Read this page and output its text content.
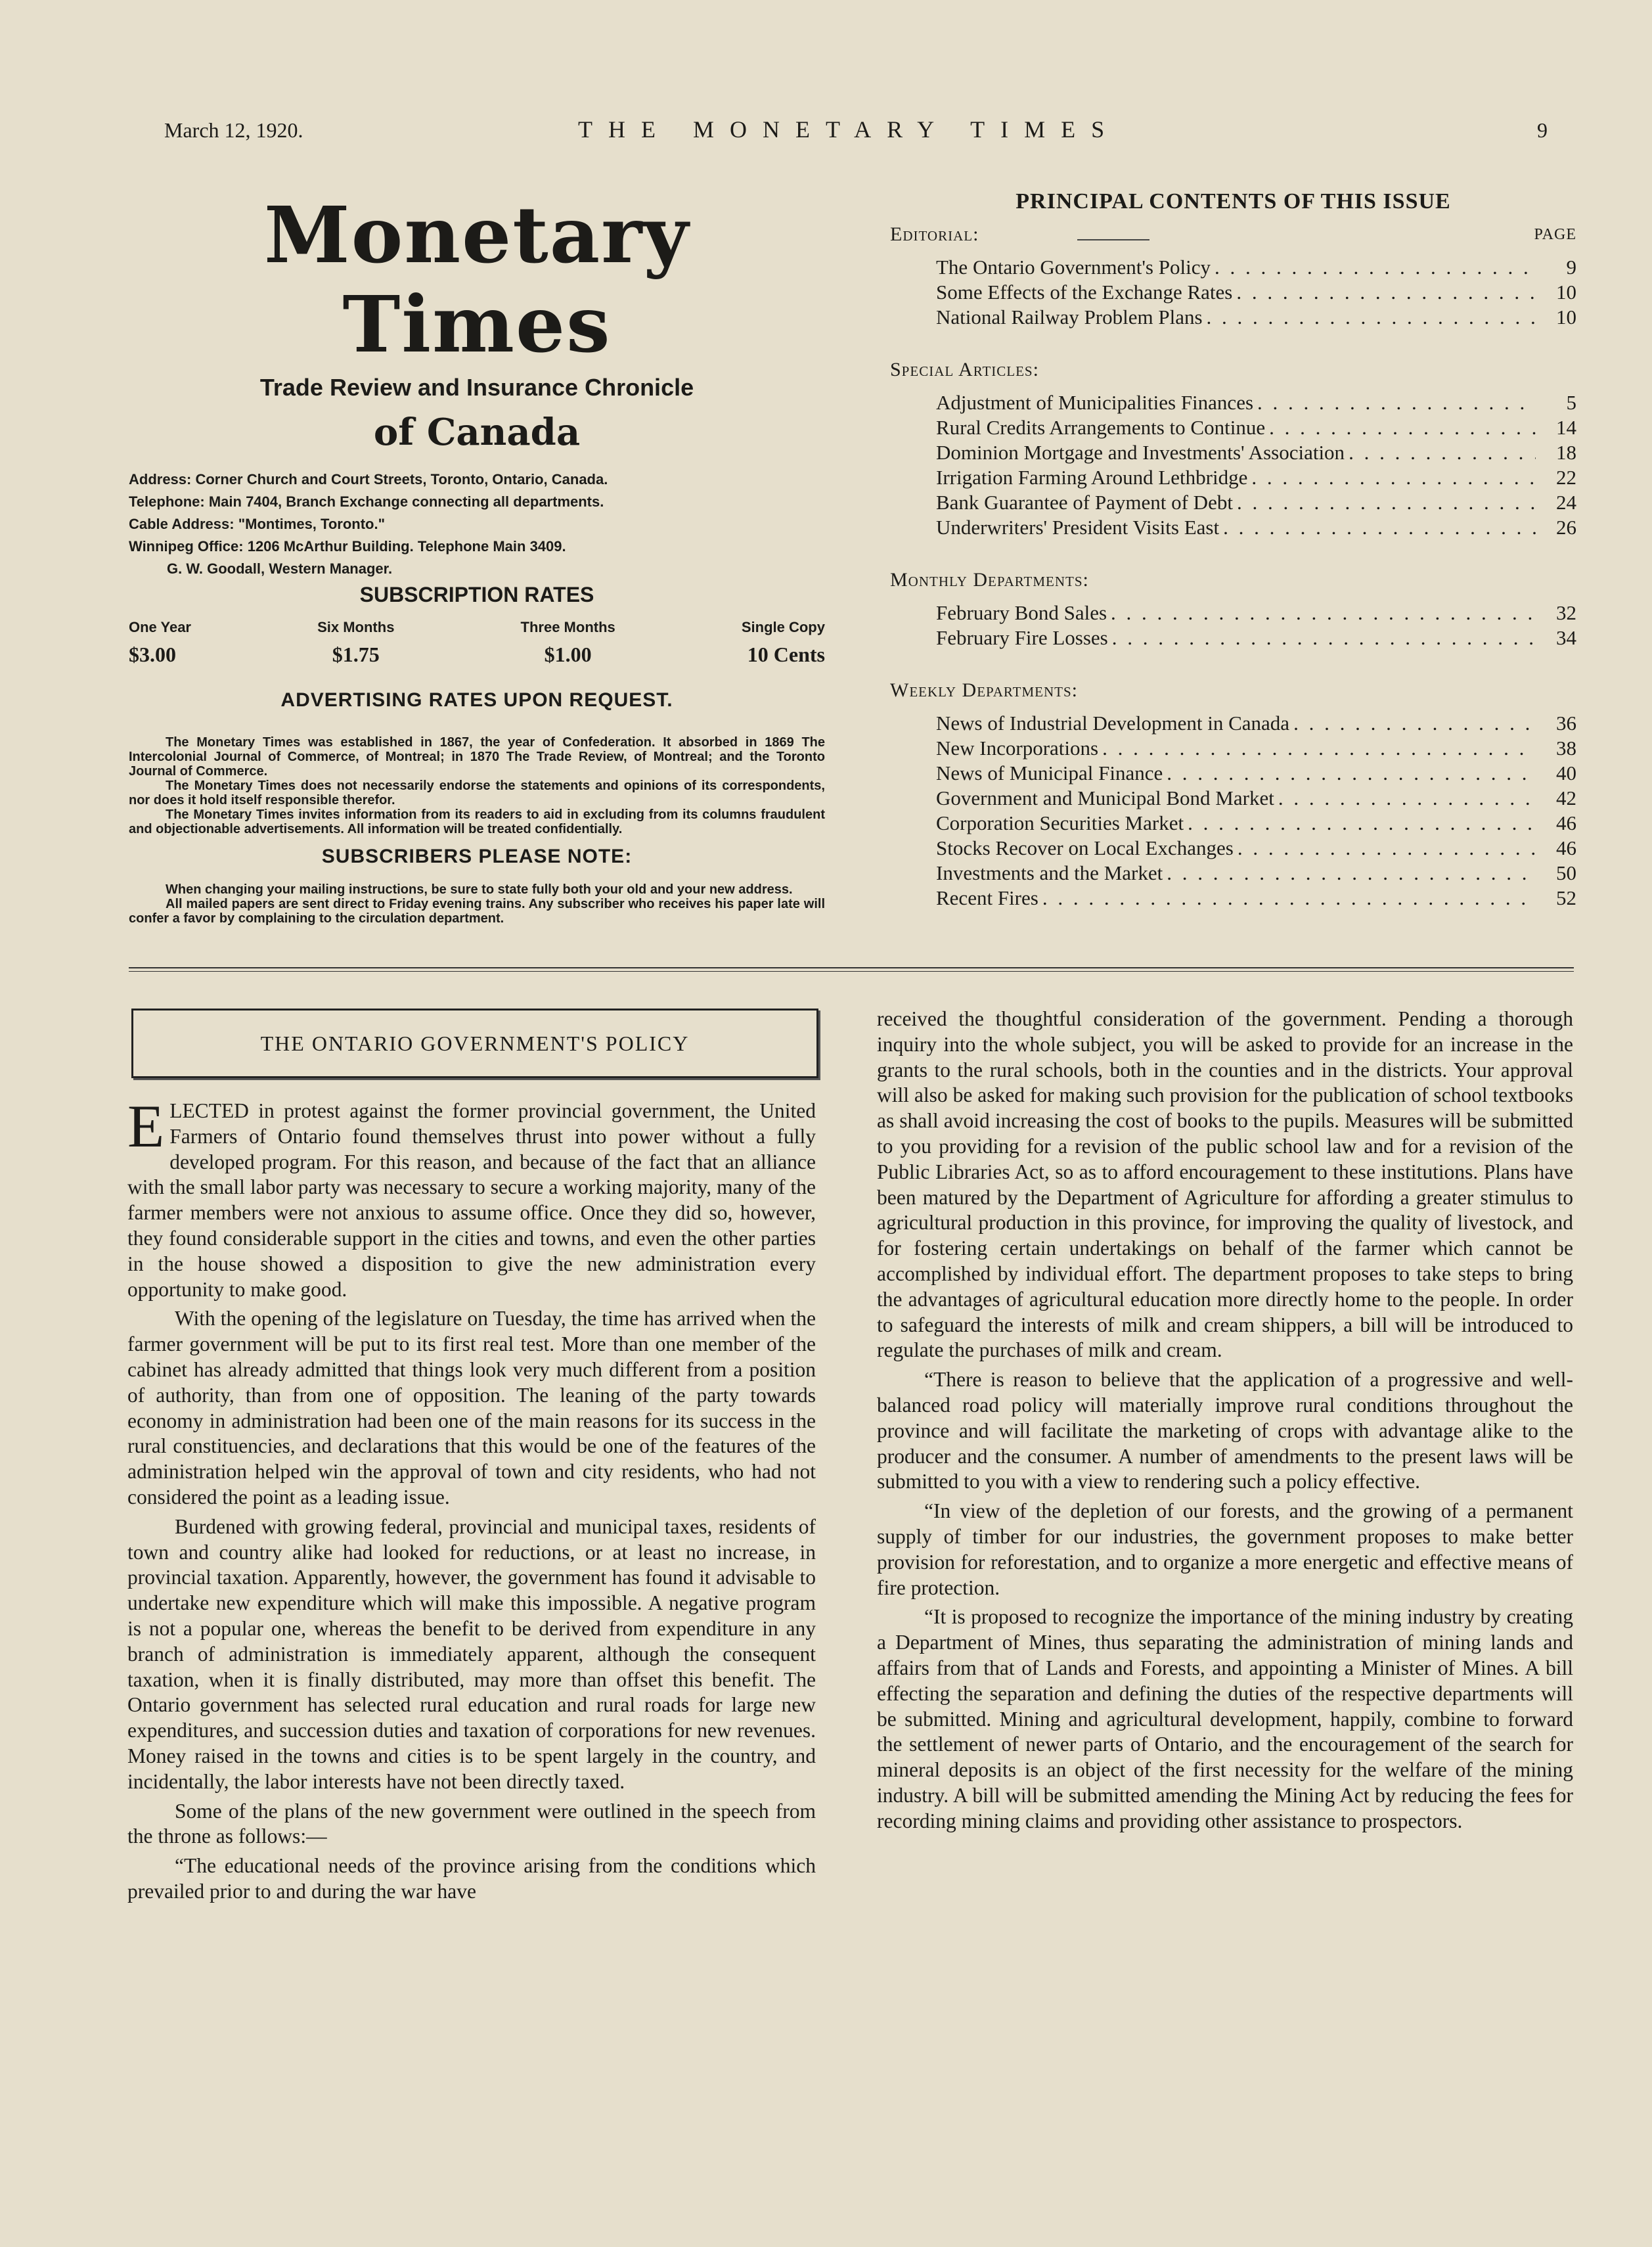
March 12, 1920.	THE MONETARY TIMES	9
Monetary Times
Trade Review and Insurance Chronicle
of Canada
Address: Corner Church and Court Streets, Toronto, Ontario, Canada.
Telephone: Main 7404, Branch Exchange connecting all departments.
Cable Address: "Montimes, Toronto."
Winnipeg Office: 1206 McArthur Building. Telephone Main 3409.
G. W. Goodall, Western Manager.
SUBSCRIPTION RATES
One Year
$3.00
Six Months
$1.75
Three Months
$1.00
Single Copy
10 Cents
ADVERTISING RATES UPON REQUEST.
The Monetary Times was established in 1867, the year of Confederation. It absorbed in 1869 The Intercolonial Journal of Commerce, of Montreal; in 1870 The Trade Review, of Montreal; and the Toronto Journal of Commerce.
The Monetary Times does not necessarily endorse the statements and opinions of its correspondents, nor does it hold itself responsible therefor.
The Monetary Times invites information from its readers to aid in excluding from its columns fraudulent and objectionable advertisements. All information will be treated confidentially.
SUBSCRIBERS PLEASE NOTE:
When changing your mailing instructions, be sure to state fully both your old and your new address.
All mailed papers are sent direct to Friday evening trains. Any subscriber who receives his paper late will confer a favor by complaining to the circulation department.
PRINCIPAL CONTENTS OF THIS ISSUE
Editorial:	PAGE
The Ontario Government's Policy . . .	9
Some Effects of the Exchange Rates . . .	10
National Railway Problem Plans . . .	10
Special Articles:
Adjustment of Municipalities Finances . . .	5
Rural Credits Arrangements to Continue . . .	14
Dominion Mortgage and Investments' Association . . .	18
Irrigation Farming Around Lethbridge . . .	22
Bank Guarantee of Payment of Debt . . .	24
Underwriters' President Visits East . . .	26
Monthly Departments:
February Bond Sales . . .	32
February Fire Losses . . .	34
Weekly Departments:
News of Industrial Development in Canada . . .	36
New Incorporations . . .	38
News of Municipal Finance . . .	40
Government and Municipal Bond Market . . .	42
Corporation Securities Market . . .	46
Stocks Recover on Local Exchanges . . .	46
Investments and the Market . . .	50
Recent Fires . . .	52
THE ONTARIO GOVERNMENT'S POLICY

ELECTED in protest against the former provincial government, the United Farmers of Ontario found themselves thrust into power without a fully developed program. For this reason, and because of the fact that an alliance with the small labor party was necessary to secure a working majority, many of the farmer members were not anxious to assume office. Once they did so, however, they found considerable support in the cities and towns, and even the other parties in the house showed a disposition to give the new administration every opportunity to make good.

With the opening of the legislature on Tuesday, the time has arrived when the farmer government will be put to its first real test. More than one member of the cabinet has already admitted that things look very much different from a position of authority, than from one of opposition. The leaning of the party towards economy in administration had been one of the main reasons for its success in the rural constituencies, and declarations that this would be one of the features of the administration helped win the approval of town and city residents, who had not considered the point as a leading issue.

Burdened with growing federal, provincial and municipal taxes, residents of town and country alike had looked for reductions, or at least no increase, in provincial taxation. Apparently, however, the government has found it advisable to undertake new expenditure which will make this impossible. A negative program is not a popular one, whereas the benefit to be derived from expenditure in any branch of administration is immediately apparent, although the consequent taxation, when it is finally distributed, may more than offset this benefit. The Ontario government has selected rural education and rural roads for large new expenditures, and succession duties and taxation of corporations for new revenues. Money raised in the towns and cities is to be spent largely in the country, and incidentally, the labor interests have not been directly taxed.

Some of the plans of the new government were outlined in the speech from the throne as follows:—

“The educational needs of the province arising from the conditions which prevailed prior to and during the war have

received the thoughtful consideration of the government. Pending a thorough inquiry into the whole subject, you will be asked to provide for an increase in the grants to the rural schools, both in the counties and in the districts. Your approval will also be asked for making such provision for the publication of school textbooks as shall avoid increasing the cost of books to the pupils. Measures will be submitted to you providing for a revision of the public school law and for a revision of the Public Libraries Act, so as to afford encouragement to these institutions. Plans have been matured by the Department of Agriculture for affording a greater stimulus to agricultural production in this province, for improving the quality of livestock, and for fostering certain undertakings on behalf of the farmer which cannot be accomplished by individual effort. The department proposes to take steps to bring the advantages of agricultural education more directly home to the people. In order to safeguard the interests of milk and cream shippers, a bill will be introduced to regulate the purchases of milk and cream.

“There is reason to believe that the application of a progressive and well-balanced road policy will materially improve rural conditions throughout the province and will facilitate the marketing of crops with advantage alike to the producer and the consumer. A number of amendments to the present laws will be submitted to you with a view to rendering such a policy effective.

“In view of the depletion of our forests, and the growing of a permanent supply of timber for our industries, the government proposes to make better provision for reforestation, and to organize a more energetic and effective means of fire protection.

“It is proposed to recognize the importance of the mining industry by creating a Department of Mines, thus separating the administration of mining lands and affairs from that of Lands and Forests, and appointing a Minister of Mines. A bill effecting the separation and defining the duties of the respective departments will be submitted. Mining and agricultural development, happily, combine to forward the settlement of newer parts of Ontario, and the encouragement of the search for mineral deposits is an object of the first necessity for the welfare of the mining industry. A bill will be submitted amending the Mining Act by reducing the fees for recording mining claims and providing other assistance to prospectors.
